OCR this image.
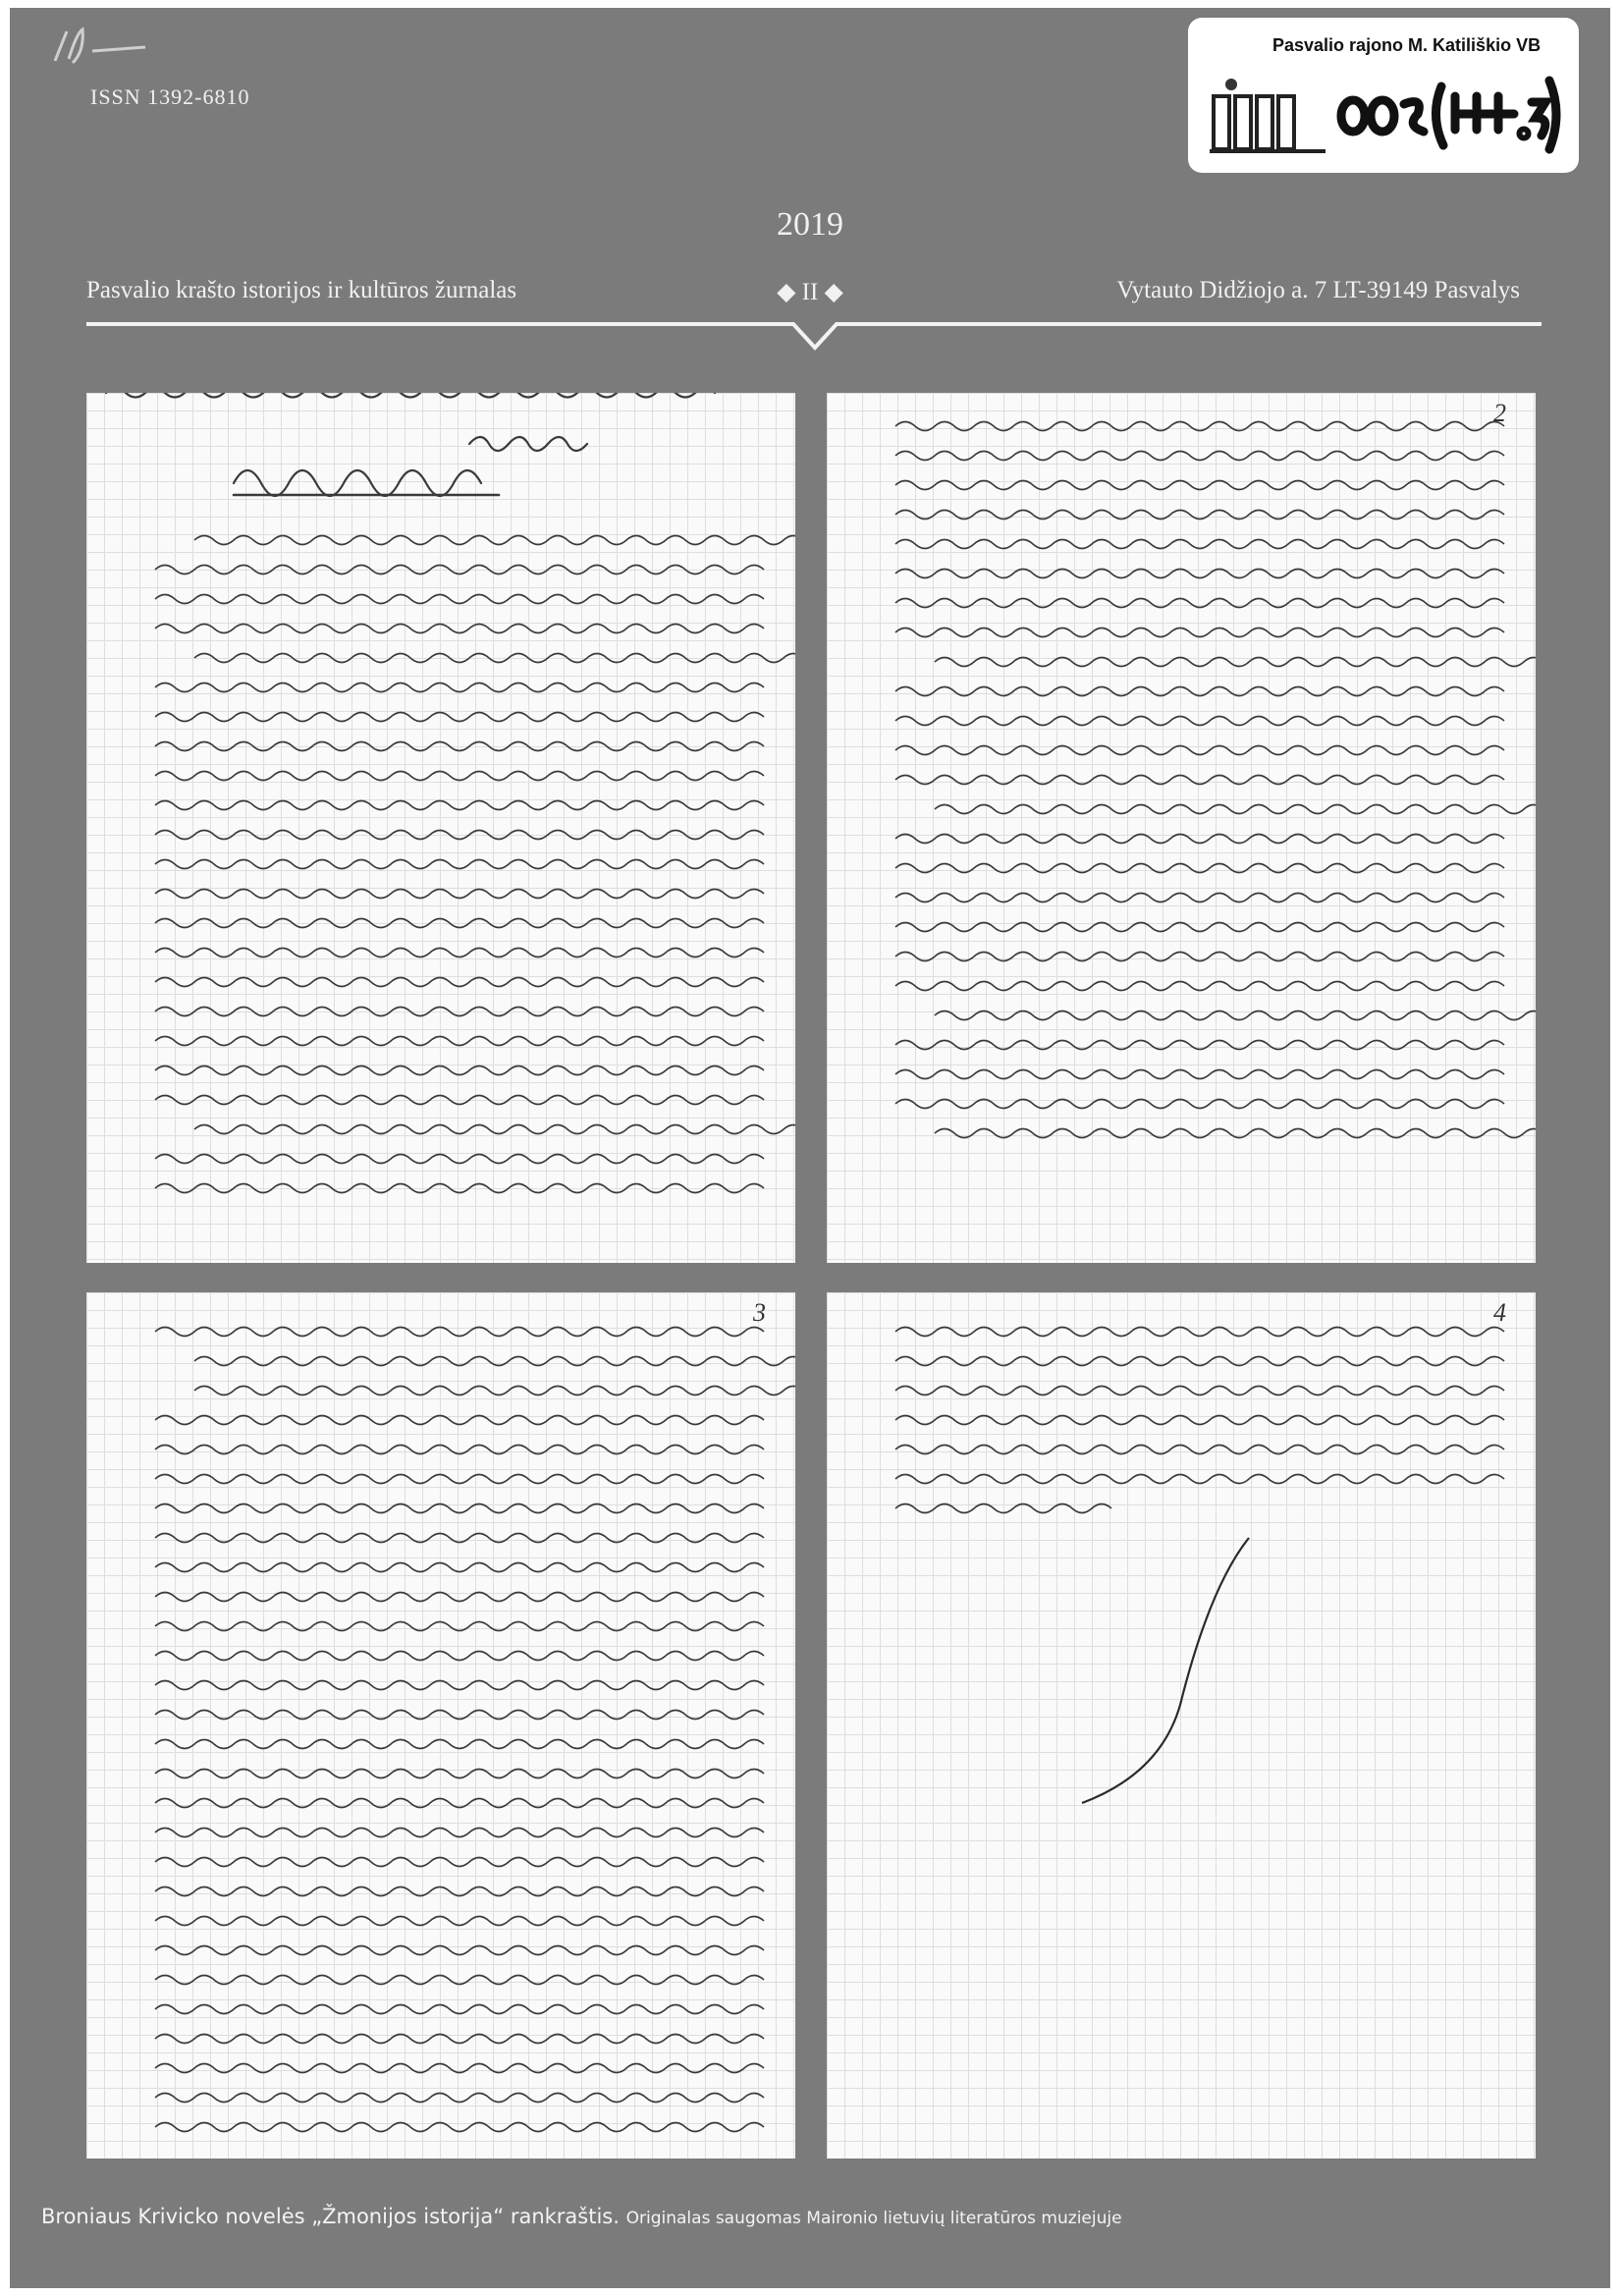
ISSN 1392-6810
Pasvalio rajono M. Katiliškio VB
2019
Pasvalio krašto istorijos ir kultūros žurnalas	◆ II ◆	Vytauto Didžiojo a. 7 LT-39149 Pasvalys
2
3	4
Broniaus Krivicko novelės „Žmonijos istorija“ rankraštis. Originalas saugomas Maironio lietuvių literatūros muziejuje
